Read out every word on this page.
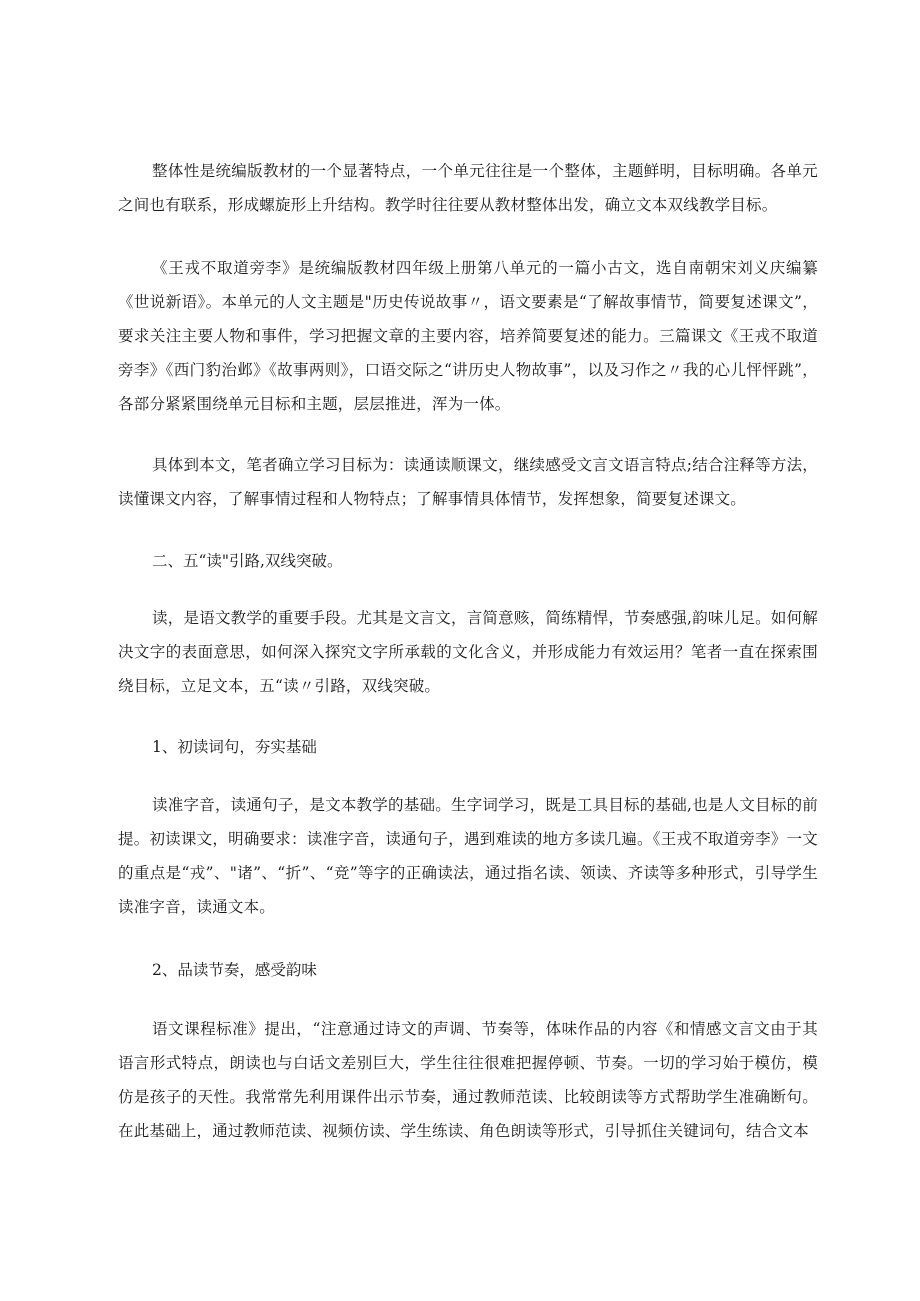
整体性是统编版教材的一个显著特点，一个单元往往是一个整体，主题鲜明，目标明确。各单元之间也有联系，形成螺旋形上升结构。教学时往往要从教材整体出发，确立文本双线教学目标。

《王戎不取道旁李》是统编版教材四年级上册第八单元的一篇小古文，选自南朝宋刘义庆编纂《世说新语》。本单元的人文主题是"历史传说故事〃，语文要素是“了解故事情节，简要复述课文”，要求关注主要人物和事件，学习把握文章的主要内容，培养简要复述的能力。三篇课文《王戎不取道旁李》《西门豹治邺》《故事两则》，口语交际之“讲历史人物故事”，以及习作之〃我的心儿怦怦跳”，各部分紧紧围绕单元目标和主题，层层推进，浑为一体。

具体到本文，笔者确立学习目标为：读通读顺课文，继续感受文言文语言特点;结合注释等方法，读懂课文内容，了解事情过程和人物特点；了解事情具体情节，发挥想象，简要复述课文。

二、五“读"引路,双线突破。

读，是语文教学的重要手段。尤其是文言文，言简意赅，简练精悍，节奏感强,韵味儿足。如何解决文字的表面意思，如何深入探究文字所承载的文化含义，并形成能力有效运用？笔者一直在探索围绕目标，立足文本，五“读〃引路，双线突破。

1、初读词句，夯实基础

读准字音，读通句子，是文本教学的基础。生字词学习，既是工具目标的基础,也是人文目标的前提。初读课文，明确要求：读准字音，读通句子，遇到难读的地方多读几遍。《王戎不取道旁李》一文的重点是“戎”、"诸”、“折”、“竞”等字的正确读法，通过指名读、领读、齐读等多种形式，引导学生读准字音，读通文本。

2、品读节奏，感受韵味

语文课程标准》提出，“注意通过诗文的声调、节奏等，体味作品的内容《和情感文言文由于其语言形式特点，朗读也与白话文差别巨大，学生往往很难把握停顿、节奏。一切的学习始于模仿，模仿是孩子的天性。我常常先利用课件出示节奏，通过教师范读、比较朗读等方式帮助学生准确断句。在此基础上，通过教师范读、视频仿读、学生练读、角色朗读等形式，引导抓住关键词句，结合文本
